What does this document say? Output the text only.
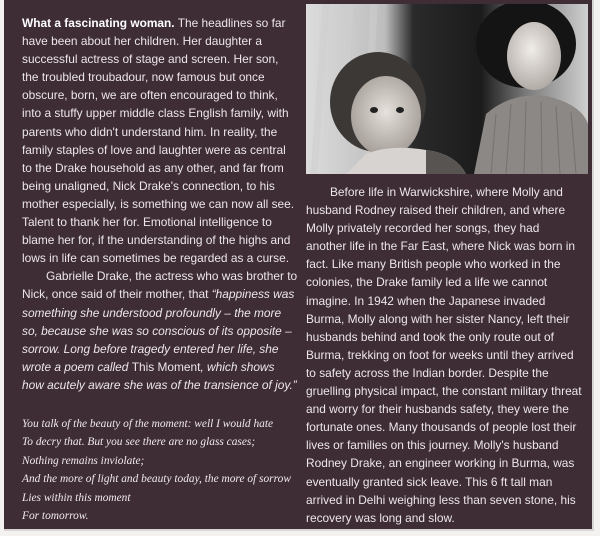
What a fascinating woman. The headlines so far have been about her children. Her daughter a successful actress of stage and screen. Her son, the troubled troubadour, now famous but once obscure, born, we are often encouraged to think, into a stuffy upper middle class English family, with parents who didn't understand him. In reality, the family staples of love and laughter were as central to the Drake household as any other, and far from being unaligned, Nick Drake's connection, to his mother especially, is something we can now all see. Talent to thank her for. Emotional intelligence to blame her for, if the understanding of the highs and lows in life can sometimes be regarded as a curse.

Gabrielle Drake, the actress who was brother to Nick, once said of their mother, that “happiness was something she understood profoundly – the more so, because she was so conscious of its opposite – sorrow. Long before tragedy entered her life, she wrote a poem called This Moment, which shows how acutely aware she was of the transience of joy.”

You talk of the beauty of the moment: well I would hate
To decry that. But you see there are no glass cases;
Nothing remains inviolate;
And the more of light and beauty today, the more of sorrow
Lies within this moment
For tomorrow.

Before life in Warwickshire, where Molly and husband Rodney raised their children, and where Molly privately recorded her songs, they had another life in the Far East, where Nick was born in fact. Like many British people who worked in the colonies, the Drake family led a life we cannot imagine. In 1942 when the Japanese invaded Burma, Molly along with her sister Nancy, left their husbands behind and took the only route out of Burma, trekking on foot for weeks until they arrived to safety across the Indian border. Despite the gruelling physical impact, the constant military threat and worry for their husbands safety, they were the fortunate ones. Many thousands of people lost their lives or families on this journey. Molly's husband Rodney Drake, an engineer working in Burma, was eventually granted sick leave. This 6 ft tall man arrived in Delhi weighing less than seven stone, his recovery was long and slow.
